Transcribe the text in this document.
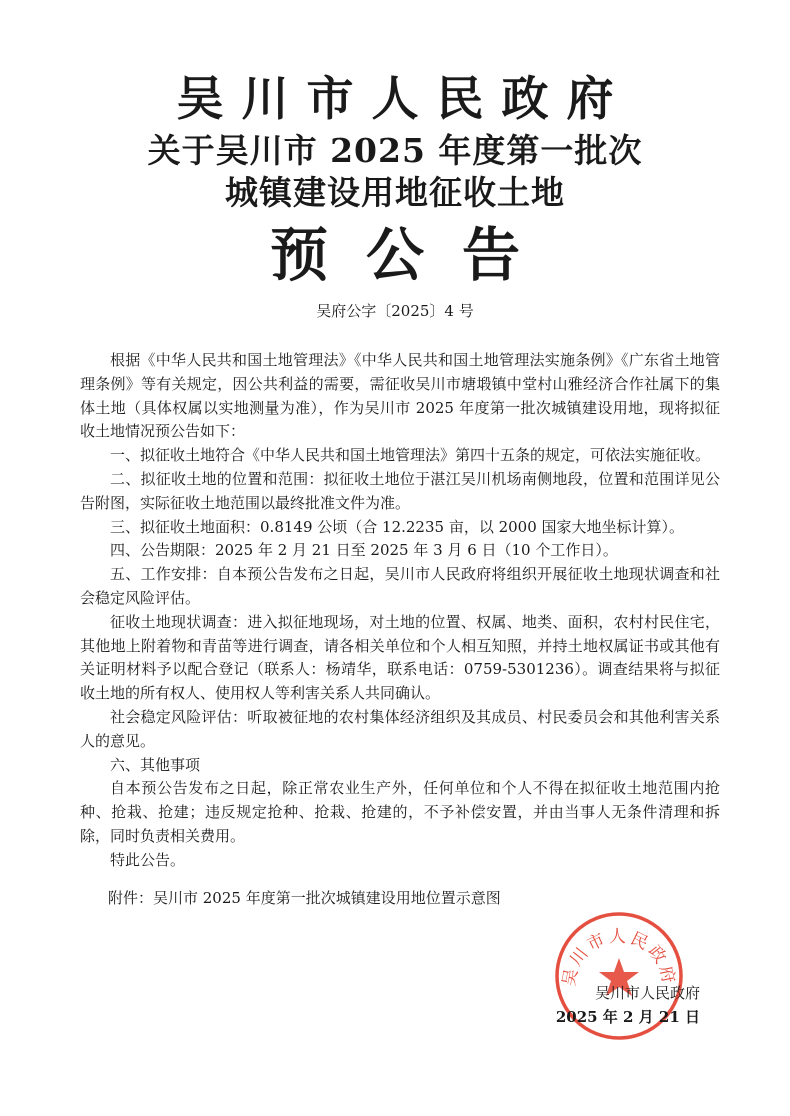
吴川市人民政府
关于吴川市 2025 年度第一批次
城镇建设用地征收土地
预公告
吴府公字〔2025〕4 号

根据《中华人民共和国土地管理法》《中华人民共和国土地管理法实施条例》《广东省土地管理条例》等有关规定，因公共利益的需要，需征收吴川市塘塅镇中堂村山雅经济合作社属下的集体土地（具体权属以实地测量为准），作为吴川市 2025 年度第一批次城镇建设用地，现将拟征收土地情况预公告如下：

一、拟征收土地符合《中华人民共和国土地管理法》第四十五条的规定，可依法实施征收。

二、拟征收土地的位置和范围：拟征收土地位于湛江吴川机场南侧地段，位置和范围详见公告附图，实际征收土地范围以最终批准文件为准。

三、拟征收土地面积：0.8149 公顷（合 12.2235 亩，以 2000 国家大地坐标计算）。

四、公告期限：2025 年 2 月 21 日至 2025 年 3 月 6 日（10 个工作日）。

五、工作安排：自本预公告发布之日起，吴川市人民政府将组织开展征收土地现状调查和社会稳定风险评估。

征收土地现状调查：进入拟征地现场，对土地的位置、权属、地类、面积，农村村民住宅，其他地上附着物和青苗等进行调查，请各相关单位和个人相互知照，并持土地权属证书或其他有关证明材料予以配合登记（联系人：杨靖华，联系电话：0759-5301236）。调查结果将与拟征收土地的所有权人、使用权人等利害关系人共同确认。

社会稳定风险评估：听取被征地的农村集体经济组织及其成员、村民委员会和其他利害关系人的意见。

六、其他事项

自本预公告发布之日起，除正常农业生产外，任何单位和个人不得在拟征收土地范围内抢种、抢栽、抢建；违反规定抢种、抢栽、抢建的，不予补偿安置，并由当事人无条件清理和拆除，同时负责相关费用。

特此公告。

附件：吴川市 2025 年度第一批次城镇建设用地位置示意图
吴川市人民政府
吴川市人民政府
2025 年 2 月 21 日
